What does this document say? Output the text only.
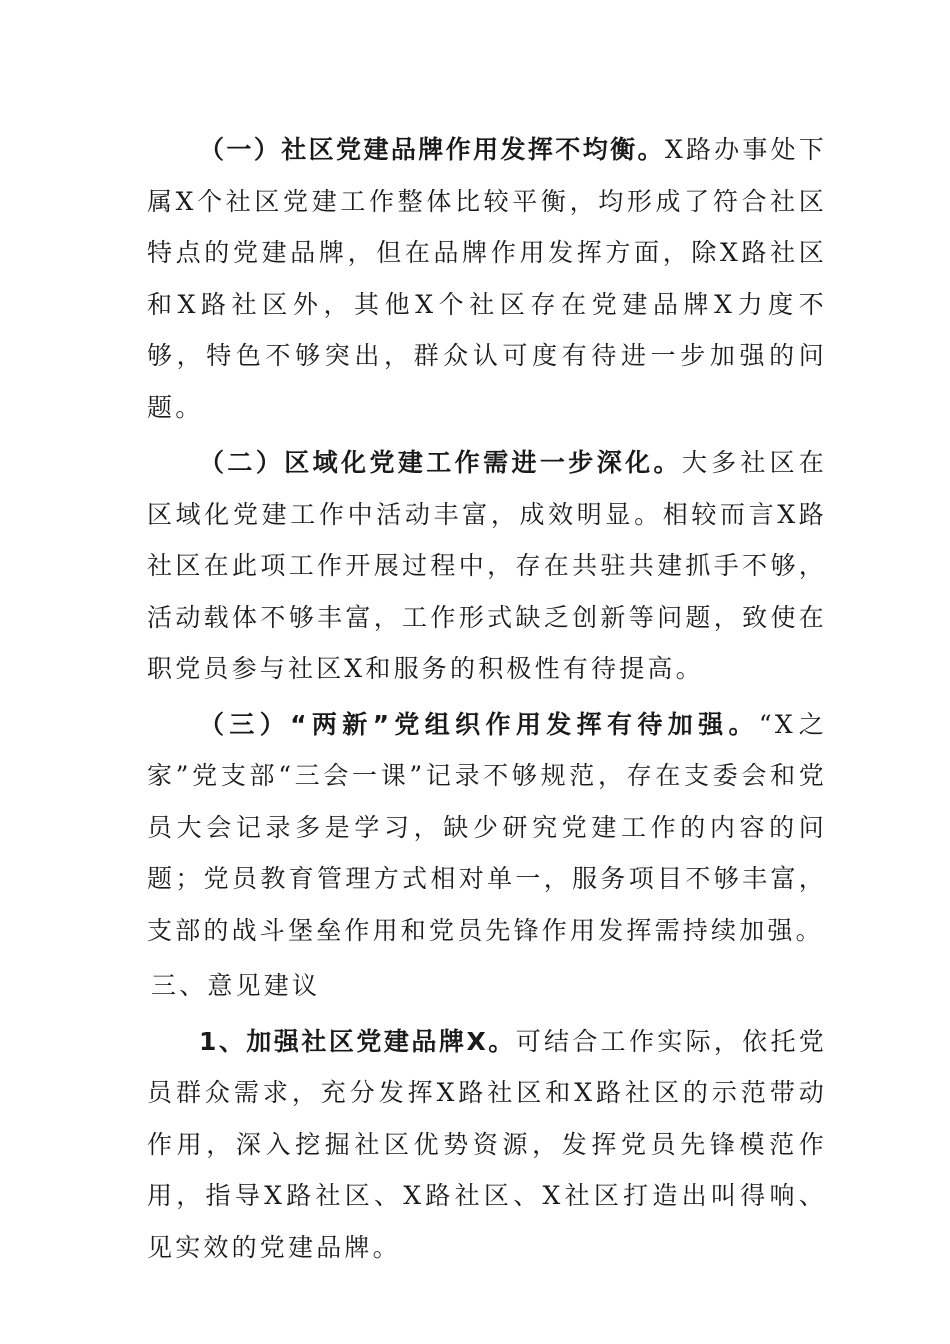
（一）社区党建品牌作用发挥不均衡。X路办事处下属X个社区党建工作整体比较平衡，均形成了符合社区特点的党建品牌，但在品牌作用发挥方面，除X路社区和X路社区外，其他X个社区存在党建品牌X力度不够，特色不够突出，群众认可度有待进一步加强的问题。

（二）区域化党建工作需进一步深化。大多社区在区域化党建工作中活动丰富，成效明显。相较而言X路社区在此项工作开展过程中，存在共驻共建抓手不够，活动载体不够丰富，工作形式缺乏创新等问题，致使在职党员参与社区X和服务的积极性有待提高。

（三）“两新”党组织作用发挥有待加强。“X之家”党支部“三会一课”记录不够规范，存在支委会和党员大会记录多是学习，缺少研究党建工作的内容的问题；党员教育管理方式相对单一，服务项目不够丰富，支部的战斗堡垒作用和党员先锋作用发挥需持续加强。

三、意见建议

1、加强社区党建品牌X。可结合工作实际，依托党员群众需求，充分发挥X路社区和X路社区的示范带动作用，深入挖掘社区优势资源，发挥党员先锋模范作用，指导X路社区、X路社区、X社区打造出叫得响、见实效的党建品牌。
